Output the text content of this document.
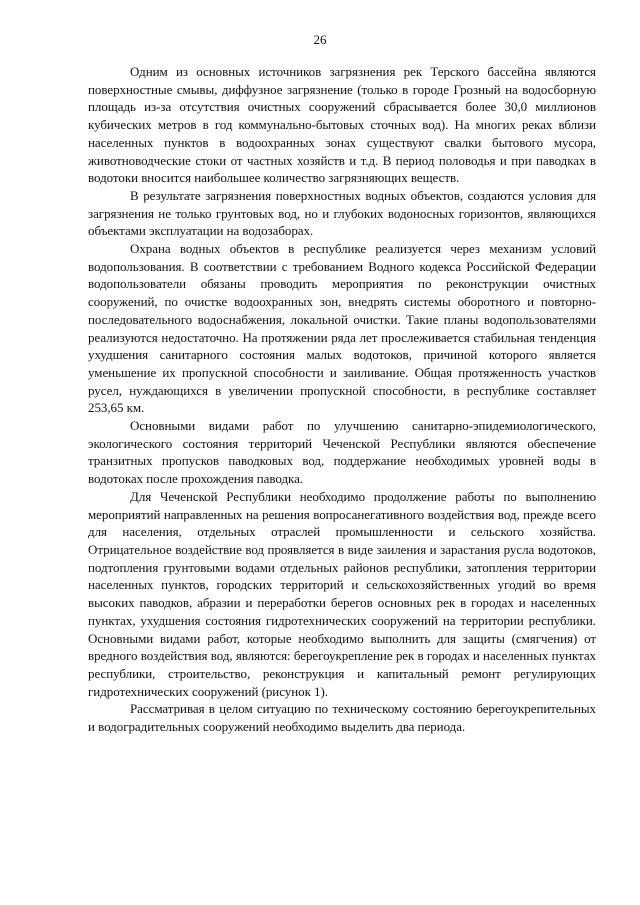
26

Одним из основных источников загрязнения рек Терского бассейна являются поверхностные смывы, диффузное загрязнение (только в городе Грозный на водосборную площадь из-за отсутствия очистных сооружений сбрасывается более 30,0 миллионов кубических метров в год коммунально-бытовых сточных вод). На многих реках вблизи населенных пунктов в водоохранных зонах существуют свалки бытового мусора, животноводческие стоки от частных хозяйств и т.д. В период половодья и при паводках в водотоки вносится наибольшее количество загрязняющих веществ.

В результате загрязнения поверхностных водных объектов, создаются условия для загрязнения не только грунтовых вод, но и глубоких водоносных горизонтов, являющихся объектами эксплуатации на водозаборах.

Охрана водных объектов в республике реализуется через механизм условий водопользования. В соответствии с требованием Водного кодекса Российской Федерации водопользователи обязаны проводить мероприятия по реконструкции очистных сооружений, по очистке водоохранных зон, внедрять системы оборотного и повторно-последовательного водоснабжения, локальной очистки. Такие планы водопользователями реализуются недостаточно. На протяжении ряда лет прослеживается стабильная тенденция ухудшения санитарного состояния малых водотоков, причиной которого является уменьшение их пропускной способности и заиливание. Общая протяженность участков русел, нуждающихся в увеличении пропускной способности, в республике составляет 253,65 км.

Основными видами работ по улучшению санитарно-эпидемиологического, экологического состояния территорий Чеченской Республики являются обеспечение транзитных пропусков паводковых вод, поддержание необходимых уровней воды в водотоках после прохождения паводка.

Для Чеченской Республики необходимо продолжение работы по выполнению мероприятий направленных на решения вопросанегативного воздействия вод, прежде всего для населения, отдельных отраслей промышленности и сельского хозяйства. Отрицательное воздействие вод проявляется в виде заиления и зарастания русла водотоков, подтопления грунтовыми водами отдельных районов республики, затопления территории населенных пунктов, городских территорий и сельскохозяйственных угодий во время высоких паводков, абразии и переработки берегов основных рек в городах и населенных пунктах, ухудшения состояния гидротехнических сооружений на территории республики. Основными видами работ, которые необходимо выполнить для защиты (смягчения) от вредного воздействия вод, являются: берегоукрепление рек в городах и населенных пунктах республики, строительство, реконструкция и капитальный ремонт регулирующих гидротехнических сооружений (рисунок 1).

Рассматривая в целом ситуацию по техническому состоянию берегоукрепительных и водоградительных сооружений необходимо выделить два периода.
